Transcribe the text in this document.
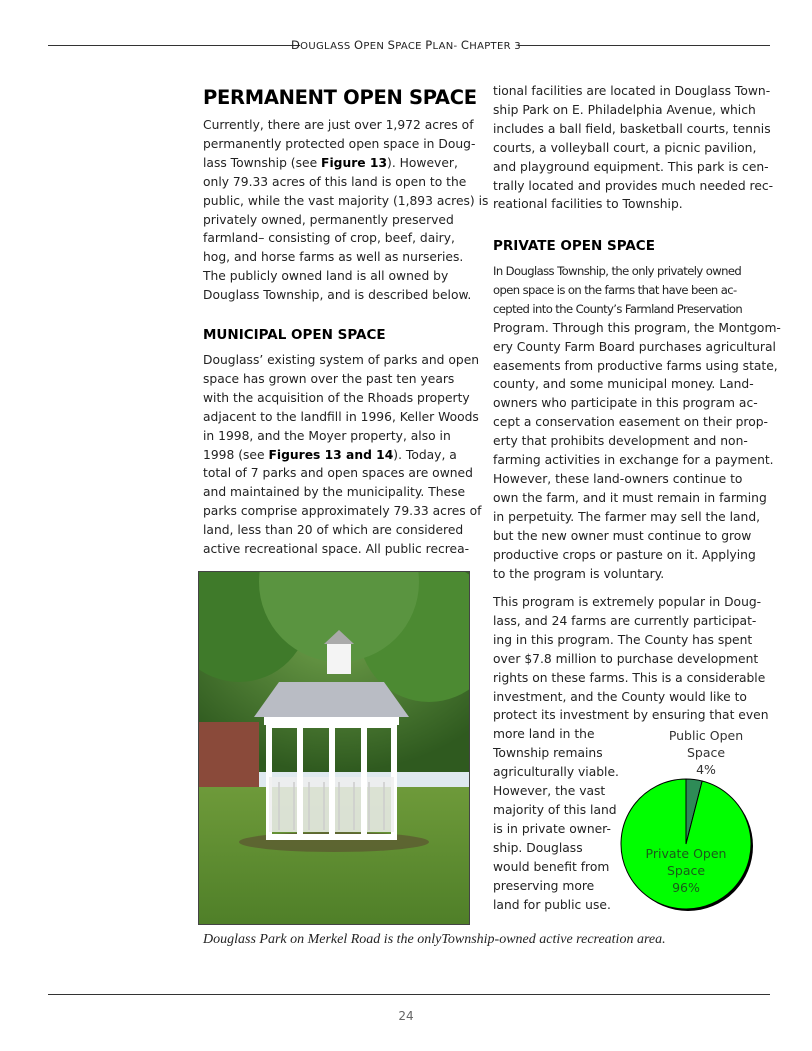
DOUGLASS OPEN SPACE PLAN- CHAPTER 3
PERMANENT OPEN SPACE
Currently, there are just over 1,972 acres of
permanently protected open space in Doug-
lass Township (see Figure 13). However,
only 79.33 acres of this land is open to the
public, while the vast majority (1,893 acres) is
privately owned, permanently preserved
farmland– consisting of crop, beef, dairy,
hog, and horse farms as well as nurseries.
The publicly owned land is all owned by
Douglass Township, and is described below.
MUNICIPAL OPEN SPACE
Douglass’ existing system of parks and open
space has grown over the past ten years
with the acquisition of the Rhoads property
adjacent to the landfill in 1996, Keller Woods
in 1998, and the Moyer property, also in
1998 (see Figures 13 and 14). Today, a
total of 7 parks and open spaces are owned
and maintained by the municipality. These
parks comprise approximately 79.33 acres of
land, less than 20 of which are considered
active recreational space. All public recrea-
Douglass Park on Merkel Road is the onlyTownship-owned active recreation area.
tional facilities are located in Douglass Town-
ship Park on E. Philadelphia Avenue, which
includes a ball field, basketball courts, tennis
courts, a volleyball court, a picnic pavilion,
and playground equipment. This park is cen-
trally located and provides much needed rec-
reational facilities to Township.
PRIVATE OPEN SPACE
In Douglass Township, the only privately owned
open space is on the farms that have been ac-
cepted into the County’s Farmland Preservation
Program. Through this program, the Montgom-
ery County Farm Board purchases agricultural
easements from productive farms using state,
county, and some municipal money. Land-
owners who participate in this program ac-
cept a conservation easement on their prop-
erty that prohibits development and non-
farming activities in exchange for a payment.
However, these land-owners continue to
own the farm, and it must remain in farming
in perpetuity. The farmer may sell the land,
but the new owner must continue to grow
productive crops or pasture on it. Applying
to the program is voluntary.
This program is extremely popular in Doug-
lass, and 24 farms are currently participat-
ing in this program. The County has spent
over $7.8 million to purchase development
rights on these farms. This is a considerable
investment, and the County would like to
protect its investment by ensuring that even
more land in the
Township remains
agriculturally viable.
However, the vast
majority of this land
is in private owner-
ship. Douglass
would benefit from
preserving more
land for public use.
Public Open
Space
4%
Private Open
Space
96%
24
